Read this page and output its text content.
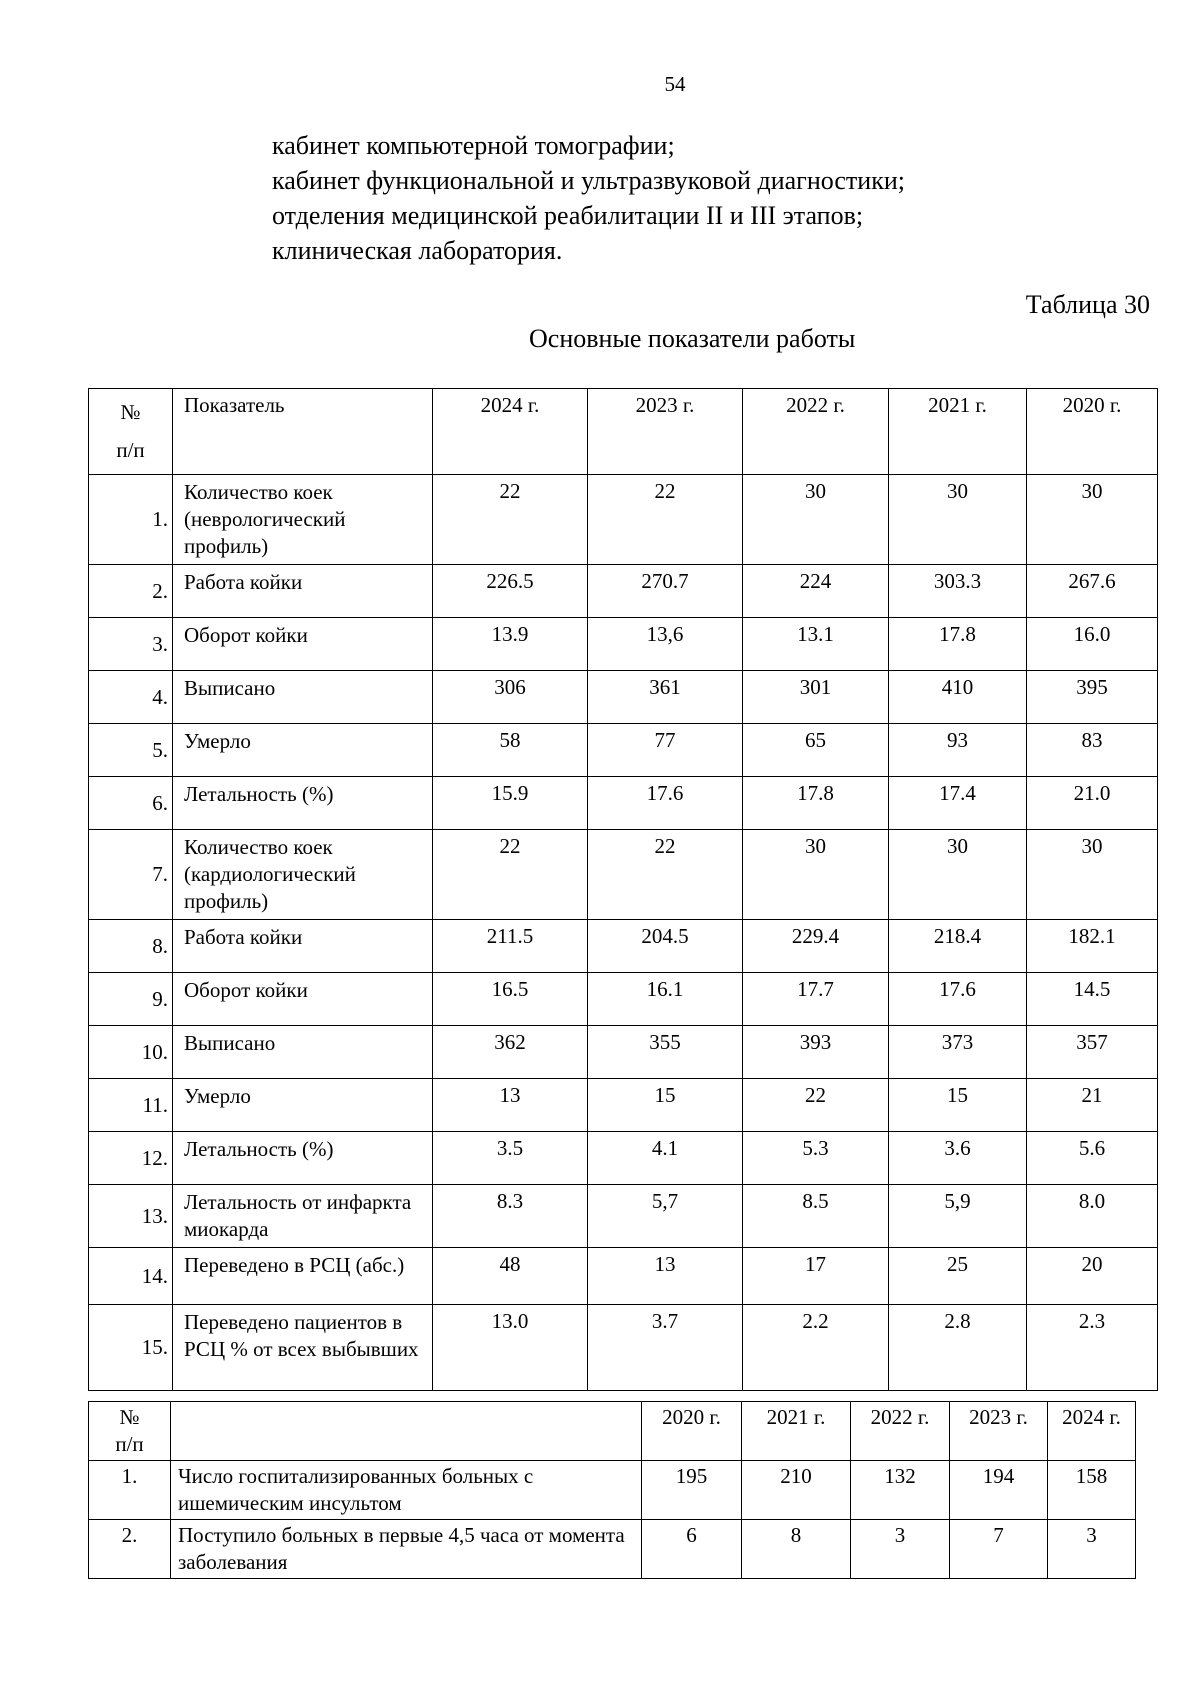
54
кабинет компьютерной томографии;
кабинет функциональной и ультразвуковой диагностики;
отделения медицинской реабилитации II и III этапов;
клиническая лаборатория.
Таблица 30
Основные показатели работы
№
п/п	Показатель	2024 г.	2023 г.	2022 г.	2021 г.	2020 г.
1.	Количество коек (неврологический профиль)	22	22	30	30	30
2.	Работа койки	226.5	270.7	224	303.3	267.6
3.	Оборот койки	13.9	13,6	13.1	17.8	16.0
4.	Выписано	306	361	301	410	395
5.	Умерло	58	77	65	93	83
6.	Летальность (%)	15.9	17.6	17.8	17.4	21.0
7.	Количество коек (кардиологический профиль)	22	22	30	30	30
8.	Работа койки	211.5	204.5	229.4	218.4	182.1
9.	Оборот койки	16.5	16.1	17.7	17.6	14.5
10.	Выписано	362	355	393	373	357
11.	Умерло	13	15	22	15	21
12.	Летальность (%)	3.5	4.1	5.3	3.6	5.6
13.	Летальность от инфаркта миокарда	8.3	5,7	8.5	5,9	8.0
14.	Переведено в РСЦ (абс.)	48	13	17	25	20
15.	Переведено пациентов в РСЦ % от всех выбывших	13.0	3.7	2.2	2.8	2.3
№
п/п		2020 г.	2021 г.	2022 г.	2023 г.	2024 г.
1.	Число госпитализированных больных с ишемическим инсультом	195	210	132	194	158
2.	Поступило больных в первые 4,5 часа от момента заболевания	6	8	3	7	3
